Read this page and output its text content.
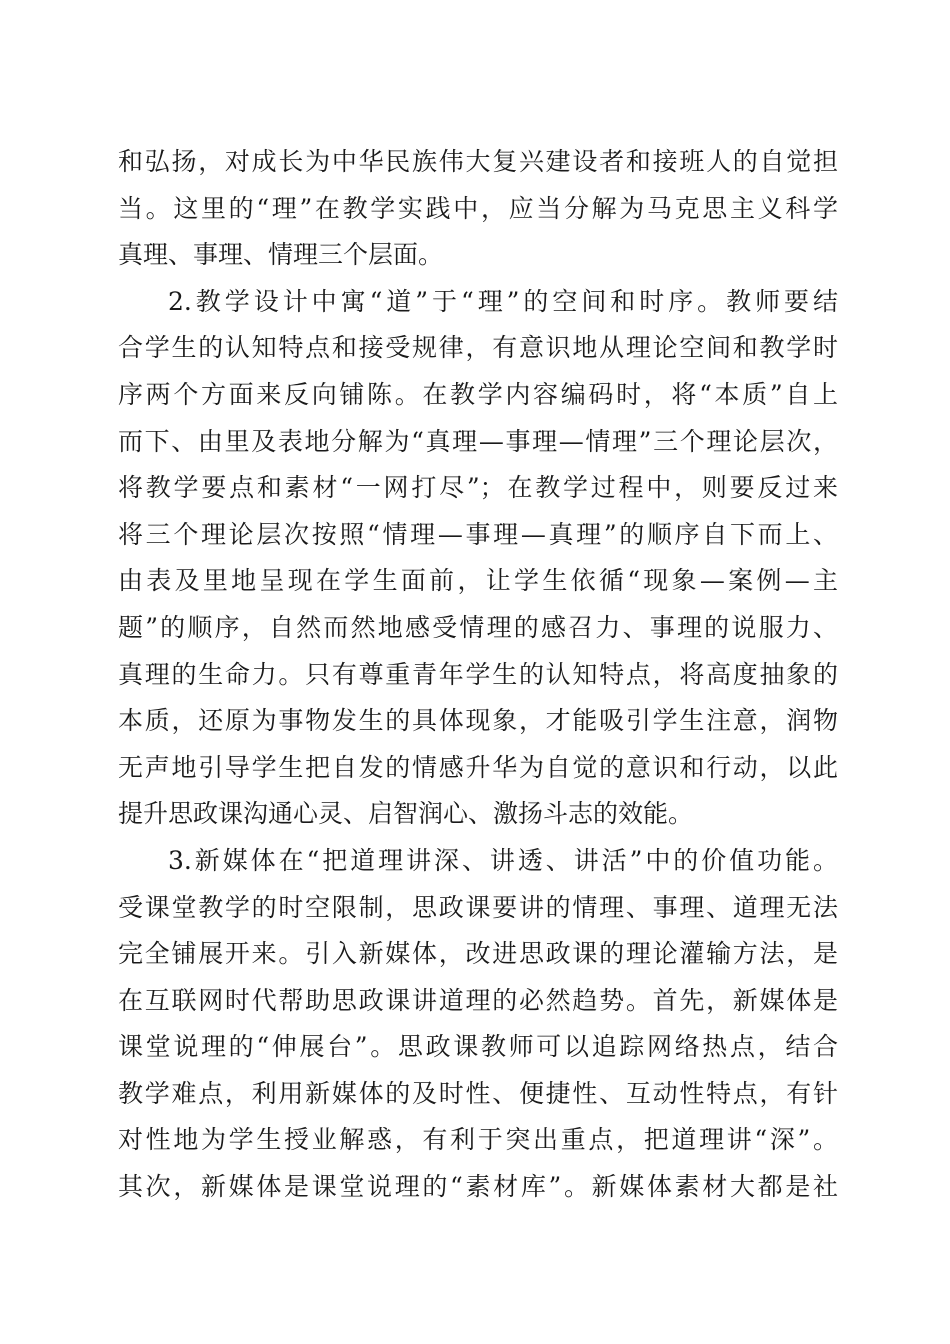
和弘扬，对成长为中华民族伟大复兴建设者和接班人的自觉担
当。这里的“理”在教学实践中，应当分解为马克思主义科学
真理、事理、情理三个层面。
2.教学设计中寓“道”于“理”的空间和时序。教师要结
合学生的认知特点和接受规律，有意识地从理论空间和教学时
序两个方面来反向铺陈。在教学内容编码时，将“本质”自上
而下、由里及表地分解为“真理—事理—情理”三个理论层次，
将教学要点和素材“一网打尽”；在教学过程中，则要反过来
将三个理论层次按照“情理—事理—真理”的顺序自下而上、
由表及里地呈现在学生面前，让学生依循“现象—案例—主
题”的顺序，自然而然地感受情理的感召力、事理的说服力、
真理的生命力。只有尊重青年学生的认知特点，将高度抽象的
本质，还原为事物发生的具体现象，才能吸引学生注意，润物
无声地引导学生把自发的情感升华为自觉的意识和行动，以此
提升思政课沟通心灵、启智润心、激扬斗志的效能。
3.新媒体在“把道理讲深、讲透、讲活”中的价值功能。
受课堂教学的时空限制，思政课要讲的情理、事理、道理无法
完全铺展开来。引入新媒体，改进思政课的理论灌输方法，是
在互联网时代帮助思政课讲道理的必然趋势。首先，新媒体是
课堂说理的“伸展台”。思政课教师可以追踪网络热点，结合
教学难点，利用新媒体的及时性、便捷性、互动性特点，有针
对性地为学生授业解惑，有利于突出重点，把道理讲“深”。
其次，新媒体是课堂说理的“素材库”。新媒体素材大都是社
